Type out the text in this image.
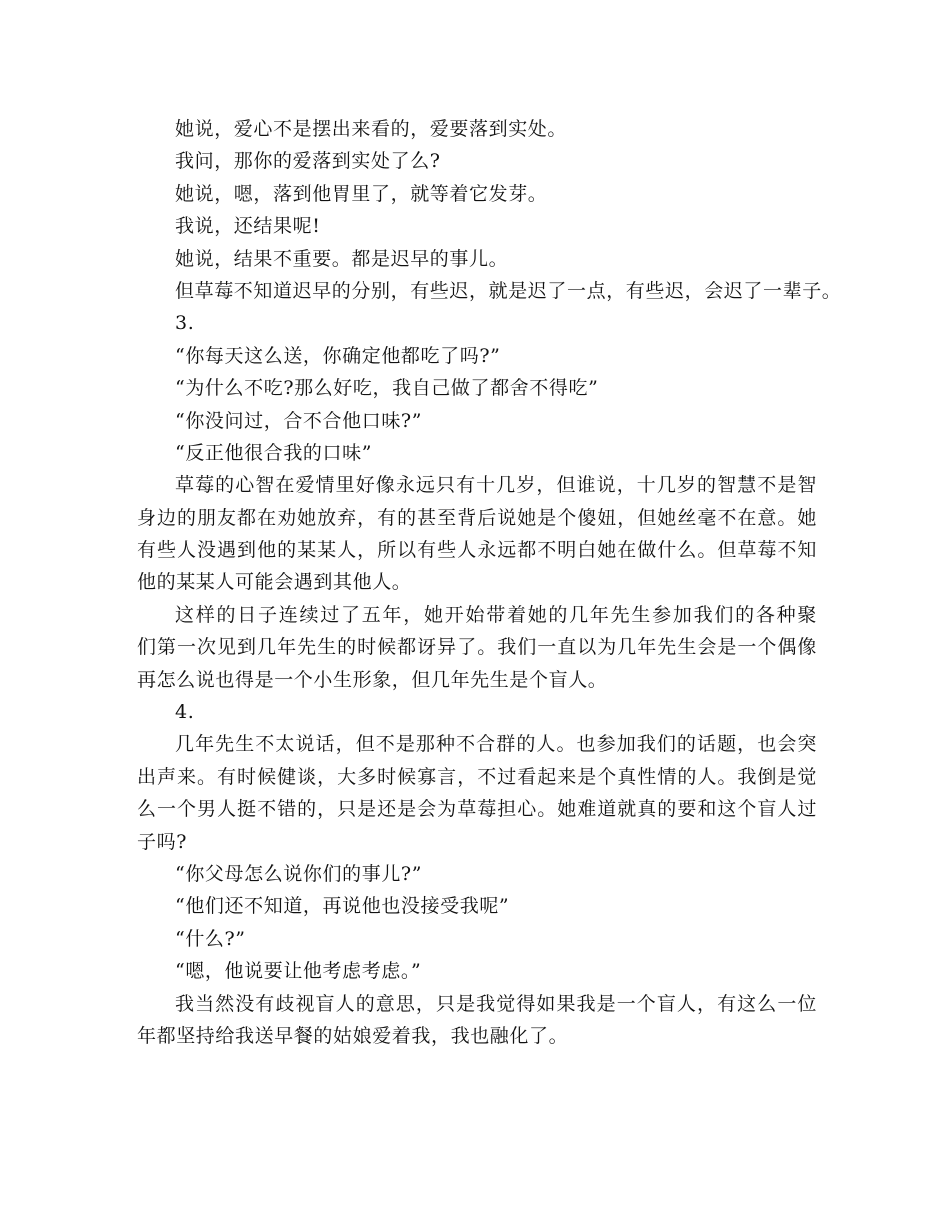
她说，爱心不是摆出来看的，爱要落到实处。
我问，那你的爱落到实处了么?
她说，嗯，落到他胃里了，就等着它发芽。
我说，还结果呢!
她说，结果不重要。都是迟早的事儿。
但草莓不知道迟早的分别，有些迟，就是迟了一点，有些迟，会迟了一辈子。
3.
“你每天这么送，你确定他都吃了吗?”
“为什么不吃?那么好吃，我自己做了都舍不得吃”
“你没问过，合不合他口味?”
“反正他很合我的口味”
草莓的心智在爱情里好像永远只有十几岁，但谁说，十几岁的智慧不是智
身边的朋友都在劝她放弃，有的甚至背后说她是个傻妞，但她丝毫不在意。她
有些人没遇到他的某某人，所以有些人永远都不明白她在做什么。但草莓不知
他的某某人可能会遇到其他人。
这样的日子连续过了五年，她开始带着她的几年先生参加我们的各种聚
们第一次见到几年先生的时候都讶异了。我们一直以为几年先生会是一个偶像
再怎么说也得是一个小生形象，但几年先生是个盲人。
4.
几年先生不太说话，但不是那种不合群的人。也参加我们的话题，也会突
出声来。有时候健谈，大多时候寡言，不过看起来是个真性情的人。我倒是觉
么一个男人挺不错的，只是还是会为草莓担心。她难道就真的要和这个盲人过
子吗?
“你父母怎么说你们的事儿?”
“他们还不知道，再说他也没接受我呢”
“什么?”
“嗯，他说要让他考虑考虑。”
我当然没有歧视盲人的意思，只是我觉得如果我是一个盲人，有这么一位
年都坚持给我送早餐的姑娘爱着我，我也融化了。
